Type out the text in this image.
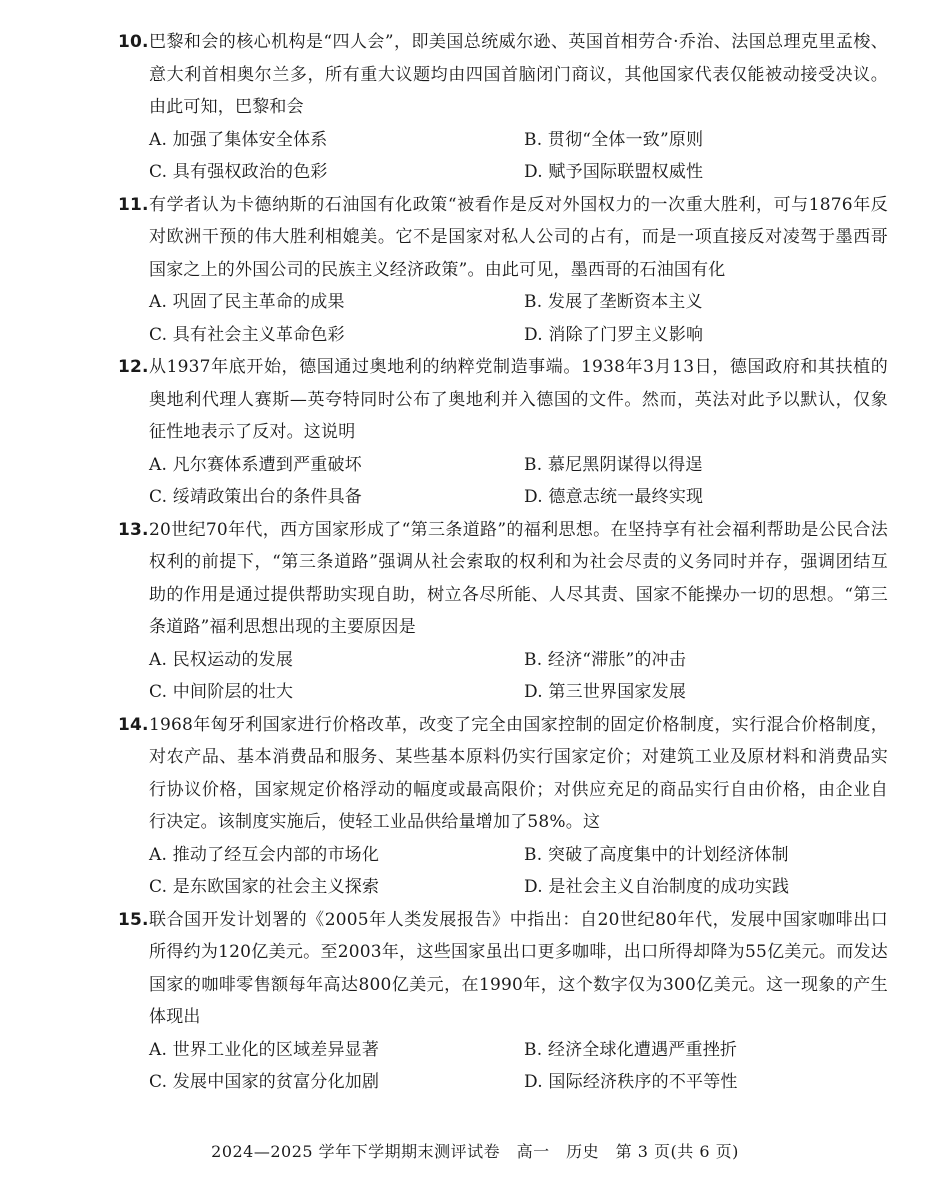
10. 巴黎和会的核心机构是“四人会”，即美国总统威尔逊、英国首相劳合·乔治、法国总理克里孟梭、意大利首相奥尔兰多，所有重大议题均由四国首脑闭门商议，其他国家代表仅能被动接受决议。由此可知，巴黎和会
A. 加强了集体安全体系	B. 贯彻“全体一致”原则
C. 具有强权政治的色彩	D. 赋予国际联盟权威性
11. 有学者认为卡德纳斯的石油国有化政策“被看作是反对外国权力的一次重大胜利，可与1876年反对欧洲干预的伟大胜利相媲美。它不是国家对私人公司的占有，而是一项直接反对凌驾于墨西哥国家之上的外国公司的民族主义经济政策”。由此可见，墨西哥的石油国有化
A. 巩固了民主革命的成果	B. 发展了垄断资本主义
C. 具有社会主义革命色彩	D. 消除了门罗主义影响
12. 从1937年底开始，德国通过奥地利的纳粹党制造事端。1938年3月13日，德国政府和其扶植的奥地利代理人赛斯—英夸特同时公布了奥地利并入德国的文件。然而，英法对此予以默认，仅象征性地表示了反对。这说明
A. 凡尔赛体系遭到严重破坏	B. 慕尼黑阴谋得以得逞
C. 绥靖政策出台的条件具备	D. 德意志统一最终实现
13. 20世纪70年代，西方国家形成了“第三条道路”的福利思想。在坚持享有社会福利帮助是公民合法权利的前提下，“第三条道路”强调从社会索取的权利和为社会尽责的义务同时并存，强调团结互助的作用是通过提供帮助实现自助，树立各尽所能、人尽其责、国家不能操办一切的思想。“第三条道路”福利思想出现的主要原因是
A. 民权运动的发展	B. 经济“滞胀”的冲击
C. 中间阶层的壮大	D. 第三世界国家发展
14. 1968年匈牙利国家进行价格改革，改变了完全由国家控制的固定价格制度，实行混合价格制度，对农产品、基本消费品和服务、某些基本原料仍实行国家定价；对建筑工业及原材料和消费品实行协议价格，国家规定价格浮动的幅度或最高限价；对供应充足的商品实行自由价格，由企业自行决定。该制度实施后，使轻工业品供给量增加了58%。这
A. 推动了经互会内部的市场化	B. 突破了高度集中的计划经济体制
C. 是东欧国家的社会主义探索	D. 是社会主义自治制度的成功实践
15. 联合国开发计划署的《2005年人类发展报告》中指出：自20世纪80年代，发展中国家咖啡出口所得约为120亿美元。至2003年，这些国家虽出口更多咖啡，出口所得却降为55亿美元。而发达国家的咖啡零售额每年高达800亿美元，在1990年，这个数字仅为300亿美元。这一现象的产生体现出
A. 世界工业化的区域差异显著	B. 经济全球化遭遇严重挫折
C. 发展中国家的贫富分化加剧	D. 国际经济秩序的不平等性
2024—2025 学年下学期期末测评试卷　高一　历史　第 3 页(共 6 页)
